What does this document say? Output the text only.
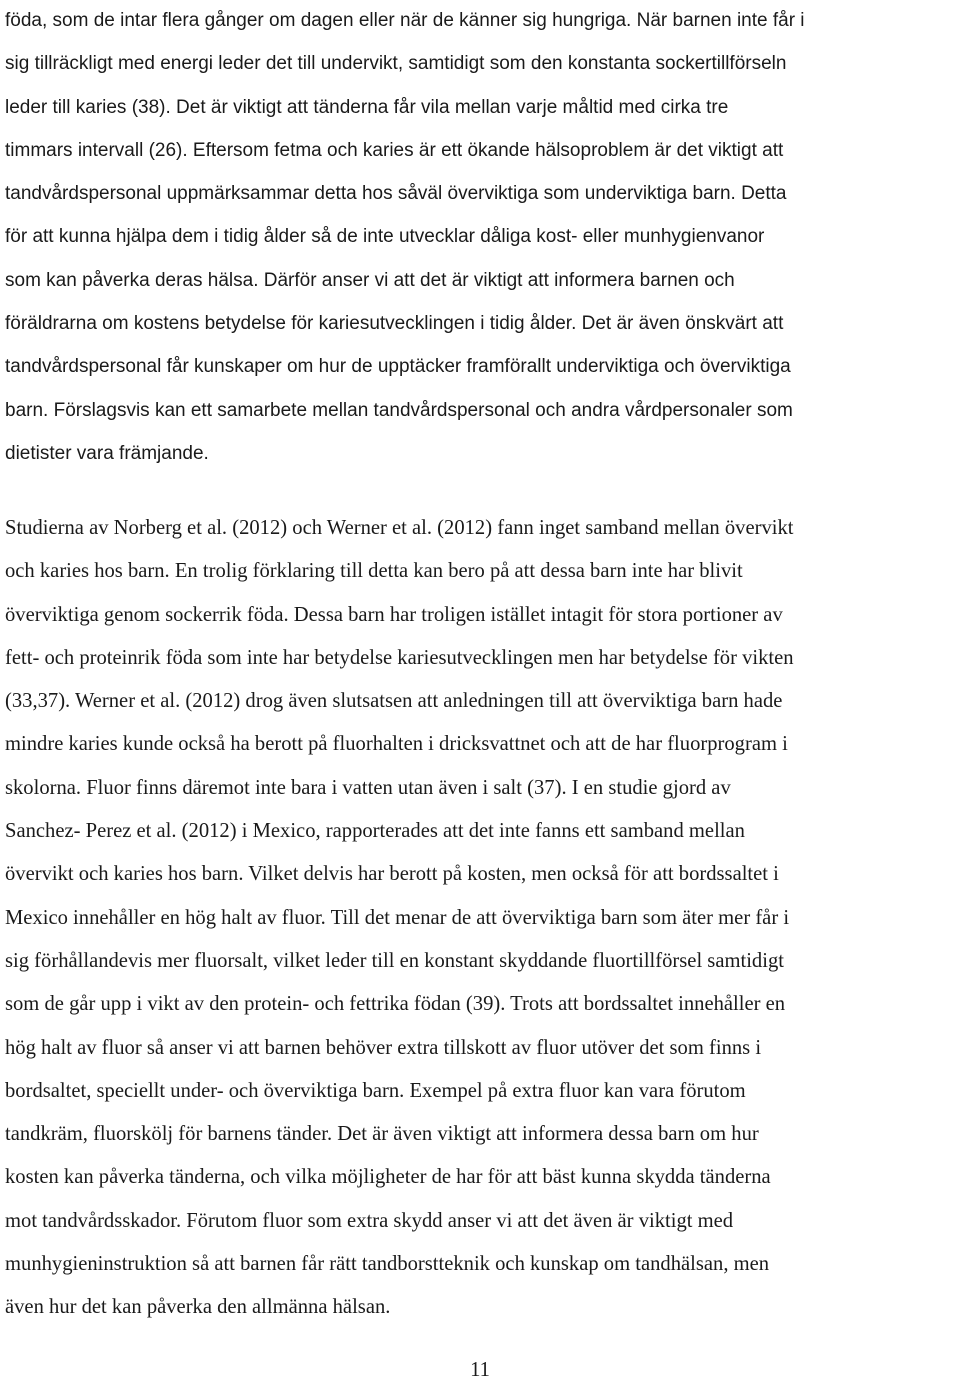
föda, som de intar flera gånger om dagen eller när de känner sig hungriga. När barnen inte får i
sig tillräckligt med energi leder det till undervikt, samtidigt som den konstanta sockertillförseln
leder till karies (38). Det är viktigt att tänderna får vila mellan varje måltid med cirka tre
timmars intervall (26). Eftersom fetma och karies är ett ökande hälsoproblem är det viktigt att
tandvårdspersonal uppmärksammar detta hos såväl överviktiga som underviktiga barn. Detta
för att kunna hjälpa dem i tidig ålder så de inte utvecklar dåliga kost- eller munhygienvanor
som kan påverka deras hälsa. Därför anser vi att det är viktigt att informera barnen och
föräldrarna om kostens betydelse för kariesutvecklingen i tidig ålder. Det är även önskvärt att
tandvårdspersonal får kunskaper om hur de upptäcker framförallt underviktiga och överviktiga
barn. Förslagsvis kan ett samarbete mellan tandvårdspersonal och andra vårdpersonaler som
dietister vara främjande.
Studierna av Norberg et al. (2012) och Werner et al. (2012) fann inget samband mellan övervikt
och karies hos barn. En trolig förklaring till detta kan bero på att dessa barn inte har blivit
överviktiga genom sockerrik föda. Dessa barn har troligen istället intagit för stora portioner av
fett- och proteinrik föda som inte har betydelse kariesutvecklingen men har betydelse för vikten
(33,37). Werner et al. (2012) drog även slutsatsen att anledningen till att överviktiga barn hade
mindre karies kunde också ha berott på fluorhalten i dricksvattnet och att de har fluorprogram i
skolorna. Fluor finns däremot inte bara i vatten utan även i salt (37). I en studie gjord av
Sanchez- Perez et al. (2012) i Mexico, rapporterades att det inte fanns ett samband mellan
övervikt och karies hos barn. Vilket delvis har berott på kosten, men också för att bordssaltet i
Mexico innehåller en hög halt av fluor. Till det menar de att överviktiga barn som äter mer får i
sig förhållandevis mer fluorsalt, vilket leder till en konstant skyddande fluortillförsel samtidigt
som de går upp i vikt av den protein- och fettrika födan (39). Trots att bordssaltet innehåller en
hög halt av fluor så anser vi att barnen behöver extra tillskott av fluor utöver det som finns i
bordsaltet, speciellt under- och överviktiga barn. Exempel på extra fluor kan vara förutom
tandkräm, fluorskölj för barnens tänder. Det är även viktigt att informera dessa barn om hur
kosten kan påverka tänderna, och vilka möjligheter de har för att bäst kunna skydda tänderna
mot tandvårdsskador. Förutom fluor som extra skydd anser vi att det även är viktigt med
munhygieninstruktion så att barnen får rätt tandborstteknik och kunskap om tandhälsan, men
även hur det kan påverka den allmänna hälsan.
11
